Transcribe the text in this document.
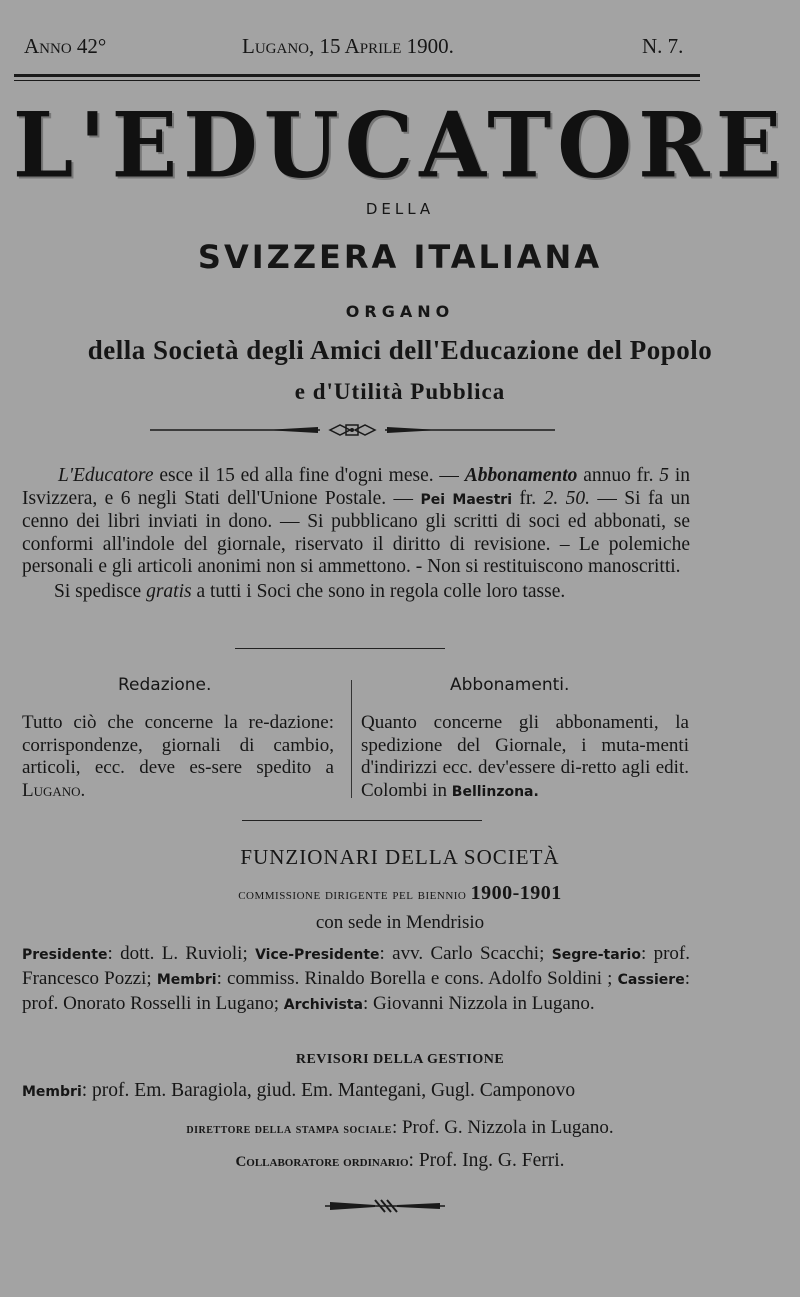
Anno 42°	Lugano, 15 Aprile 1900.	N. 7.
L'EDUCATORE
DELLA
SVIZZERA ITALIANA
ORGANO
della Società degli Amici dell'Educazione del Popolo
e d'Utilità Pubblica

L'Educatore esce il 15 ed alla fine d'ogni mese. — Abbonamento annuo fr. 5 in Isvizzera, e 6 negli Stati dell'Unione Postale. — Pei Maestri fr. 2. 50. — Si fa un cenno dei libri inviati in dono. — Si pubblicano gli scritti di soci ed abbonati, se conformi all'indole del giornale, riservato il diritto di revisione. – Le polemiche personali e gli articoli anonimi non si ammettono. - Non si restituiscono manoscritti.

Si spedisce gratis a tutti i Soci che sono in regola colle loro tasse.

Redazione.	Abbonamenti.
Tutto ciò che concerne la re-dazione: corrispondenze, giornali di cambio, articoli, ecc. deve es-sere spedito a Lugano.
Quanto concerne gli abbonamenti, la spedizione del Giornale, i muta-menti d'indirizzi ecc. dev'essere di-retto agli edit. Colombi in Bellinzona.
FUNZIONARI DELLA SOCIETÀ
commissione dirigente pel biennio 1900-1901
con sede in Mendrisio
Presidente: dott. L. Ruvioli; Vice-Presidente: avv. Carlo Scacchi; Segre-tario: prof. Francesco Pozzi; Membri: commiss. Rinaldo Borella e cons. Adolfo Soldini ; Cassiere: prof. Onorato Rosselli in Lugano; Archivista: Giovanni Nizzola in Lugano.
REVISORI DELLA GESTIONE
Membri: prof. Em. Baragiola, giud. Em. Mantegani, Gugl. Camponovo
direttore della stampa sociale: Prof. G. Nizzola in Lugano.
Collaboratore ordinario: Prof. Ing. G. Ferri.
